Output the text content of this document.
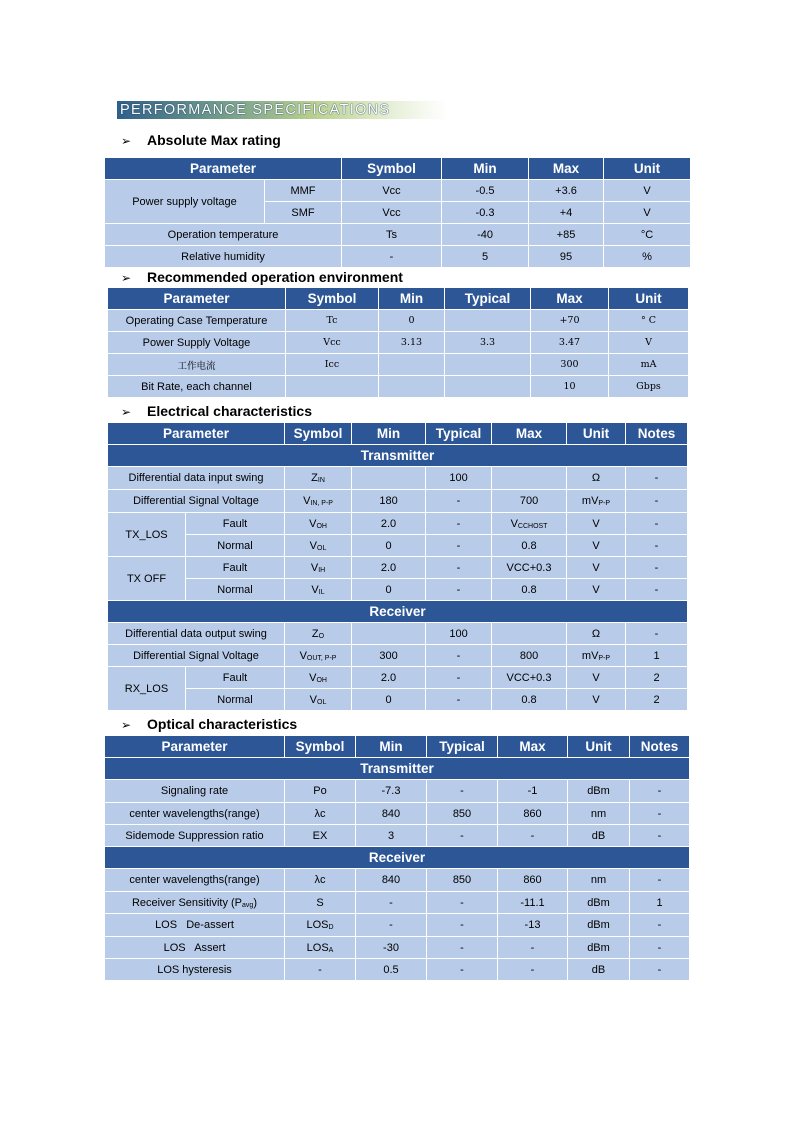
PERFORMANCE SPECIFICATIONS
➢ Absolute Max rating
Parameter		Symbol	Min	Max	Unit
Power supply voltage	MMF	Vcc	-0.5	+3.6	V
	SMF	Vcc	-0.3	+4	V
Operation temperature		Ts	-40	+85	°C
Relative humidity		-	5	95	%
➢ Recommended operation environment
Parameter	Symbol	Min	Typical	Max	Unit
Operating Case Temperature	Tc	0		+70	° C
Power Supply Voltage	Vcc	3.13	3.3	3.47	V
工作电流	Icc			300	mA
Bit Rate, each channel				10	Gbps
➢ Electrical characteristics
Parameter		Symbol	Min	Typical	Max	Unit	Notes
Transmitter							
Differential data input swing		$Z_{IN}$		100		Ω	-
Differential Signal Voltage		$V_{IN, P-P}$	180	-	700	$mV_{P-P}$	-
TX_LOS	Fault	$V_{OH}$	2.0	-	$V_{CCHOST}$	V	-
	Normal	$V_{OL}$	0	-	0.8	V	-
TX OFF	Fault	$V_{IH}$	2.0	-	VCC+0.3	V	-
	Normal	$V_{IL}$	0	-	0.8	V	-
Receiver							
Differential data output swing		$Z_O$		100		Ω	-
Differential Signal Voltage		$V_{OUT, P-P}$	300	-	800	$mV_{P-P}$	1
RX_LOS	Fault	$V_{OH}$	2.0	-	VCC+0.3	V	2
	Normal	$V_{OL}$	0	-	0.8	V	2
➢ Optical characteristics
Parameter	Symbol	Min	Typical	Max	Unit	Notes
Transmitter						
Signaling rate	Po	-7.3	-	-1	dBm	-
center wavelengths(range)	λc	840	850	860	nm	-
Sidemode Suppression ratio	EX	3	-	-	dB	-
Receiver						
center wavelengths(range)	λc	840	850	860	nm	-
Receiver Sensitivity $(P_{avg})$	S	-	-	-11.1	dBm	1
LOS   De-assert	$LOS_D$	-	-	-13	dBm	-
LOS   Assert	$LOS_A$	-30	-	-	dBm	-
LOS hysteresis	-	0.5	-	-	dB	-
